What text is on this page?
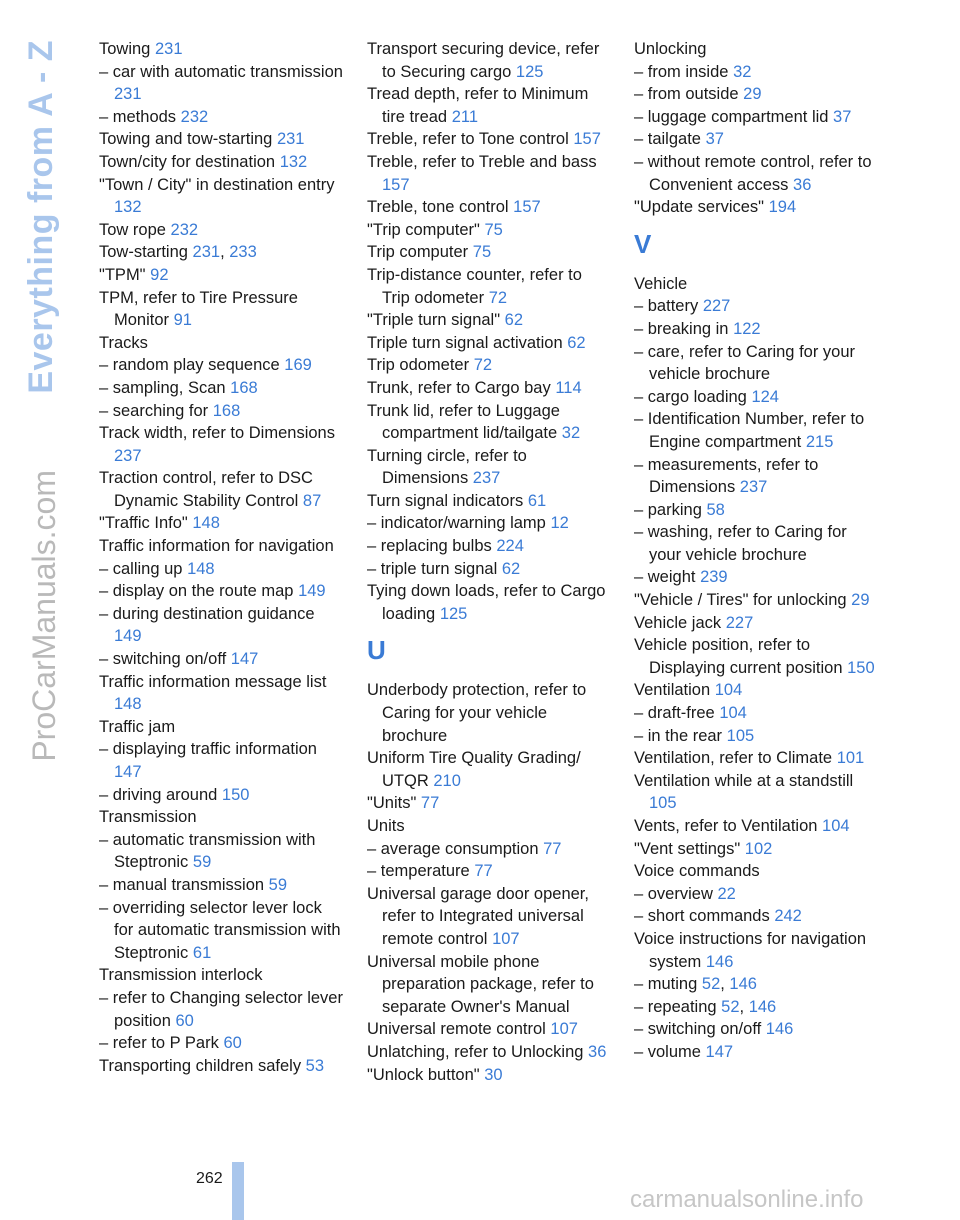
Everything from A - Z
ProCarManuals.com
Towing 231
– car with automatic transmission 231
– methods 232
Towing and tow-starting 231
Town/city for destination 132
"Town / City" in destination entry 132
Tow rope 232
Tow-starting 231, 233
"TPM" 92
TPM, refer to Tire Pressure Monitor 91
Tracks
– random play sequence 169
– sampling, Scan 168
– searching for 168
Track width, refer to Dimensions 237
Traction control, refer to DSC Dynamic Stability Control 87
"Traffic Info" 148
Traffic information for navigation
– calling up 148
– display on the route map 149
– during destination guidance 149
– switching on/off 147
Traffic information message list 148
Traffic jam
– displaying traffic information 147
– driving around 150
Transmission
– automatic transmission with Steptronic 59
– manual transmission 59
– overriding selector lever lock for automatic transmission with Steptronic 61
Transmission interlock
– refer to Changing selector lever position 60
– refer to P Park 60
Transporting children safely 53
Transport securing device, refer to Securing cargo 125
Tread depth, refer to Minimum tire tread 211
Treble, refer to Tone control 157
Treble, refer to Treble and bass 157
Treble, tone control 157
"Trip computer" 75
Trip computer 75
Trip-distance counter, refer to Trip odometer 72
"Triple turn signal" 62
Triple turn signal activation 62
Trip odometer 72
Trunk, refer to Cargo bay 114
Trunk lid, refer to Luggage compartment lid/tailgate 32
Turning circle, refer to Dimensions 237
Turn signal indicators 61
– indicator/warning lamp 12
– replacing bulbs 224
– triple turn signal 62
Tying down loads, refer to Cargo loading 125
U
Underbody protection, refer to Caring for your vehicle brochure
Uniform Tire Quality Grading/ UTQR 210
"Units" 77
Units
– average consumption 77
– temperature 77
Universal garage door opener, refer to Integrated universal remote control 107
Universal mobile phone preparation package, refer to separate Owner's Manual
Universal remote control 107
Unlatching, refer to Unlocking 36
"Unlock button" 30
Unlocking
– from inside 32
– from outside 29
– luggage compartment lid 37
– tailgate 37
– without remote control, refer to Convenient access 36
"Update services" 194
V
Vehicle
– battery 227
– breaking in 122
– care, refer to Caring for your vehicle brochure
– cargo loading 124
– Identification Number, refer to Engine compartment 215
– measurements, refer to Dimensions 237
– parking 58
– washing, refer to Caring for your vehicle brochure
– weight 239
"Vehicle / Tires" for unlocking 29
Vehicle jack 227
Vehicle position, refer to Displaying current position 150
Ventilation 104
– draft-free 104
– in the rear 105
Ventilation, refer to Climate 101
Ventilation while at a standstill 105
Vents, refer to Ventilation 104
"Vent settings" 102
Voice commands
– overview 22
– short commands 242
Voice instructions for navigation system 146
– muting 52, 146
– repeating 52, 146
– switching on/off 146
– volume 147
262
carmanualsonline.info
